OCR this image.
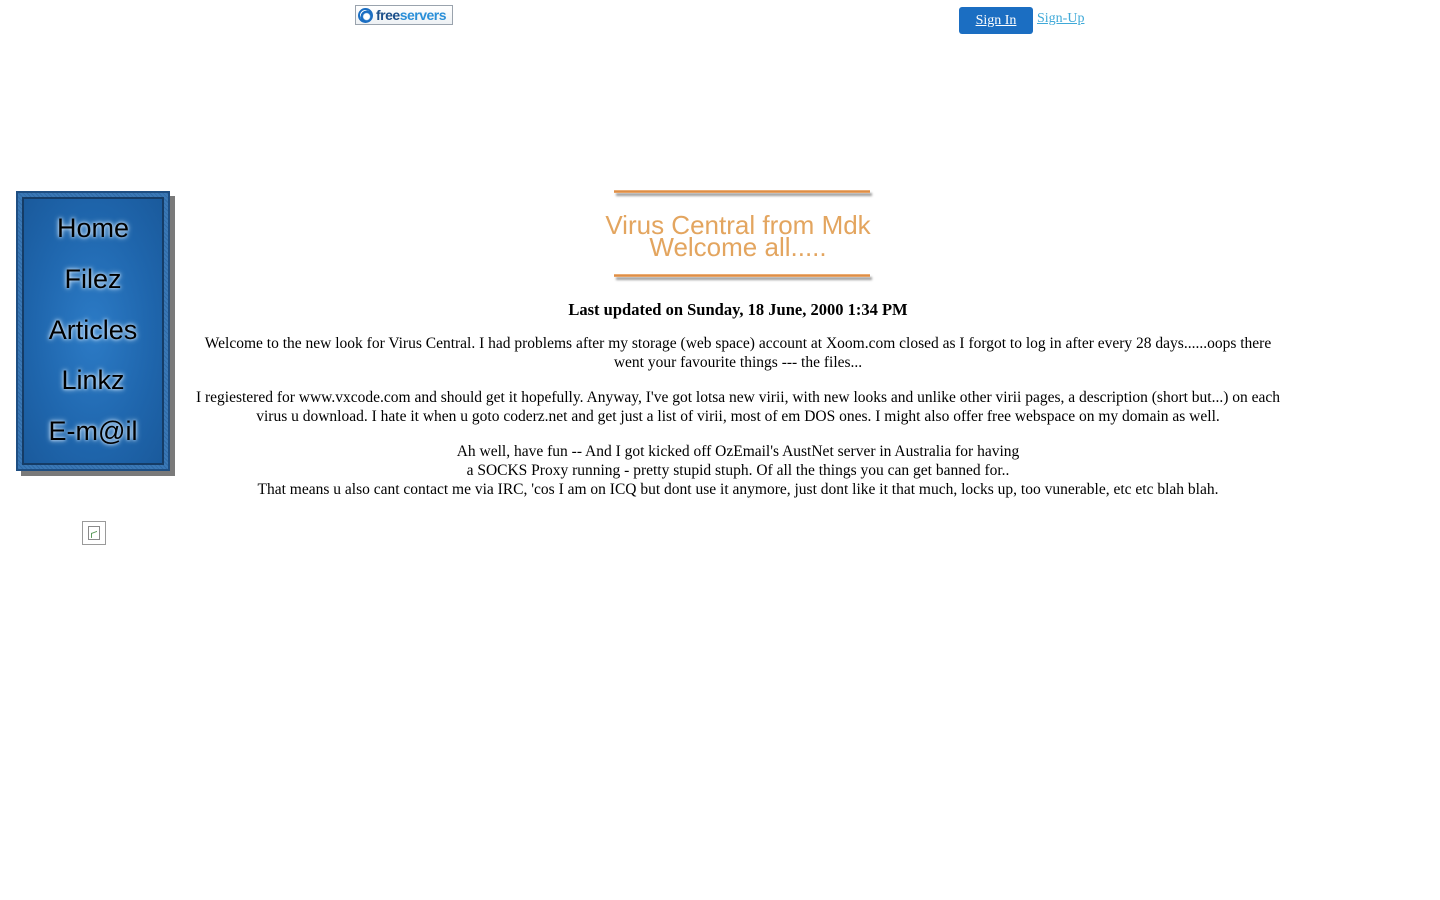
freeservers	Sign In	Sign-Up
Home
Filez
Articles
Linkz
E-m@il
Virus Central from Mdk
Welcome all.....
Last updated on Sunday, 18 June, 2000 1:34 PM

Welcome to the new look for Virus Central. I had problems after my storage (web space) account at Xoom.com closed as I forgot to log in after every 28 days......oops there went your favourite things --- the files...

I regiestered for www.vxcode.com and should get it hopefully. Anyway, I've got lotsa new virii, with new looks and unlike other virii pages, a description (short but...) on each virus u download. I hate it when u goto coderz.net and get just a list of virii, most of em DOS ones. I might also offer free webspace on my domain as well.

Ah well, have fun -- And I got kicked off OzEmail's AustNet server in Australia for having
a SOCKS Proxy running - pretty stupid stuph. Of all the things you can get banned for..
That means u also cant contact me via IRC, 'cos I am on ICQ but dont use it anymore, just dont like it that much, locks up, too vunerable, etc etc blah blah.
